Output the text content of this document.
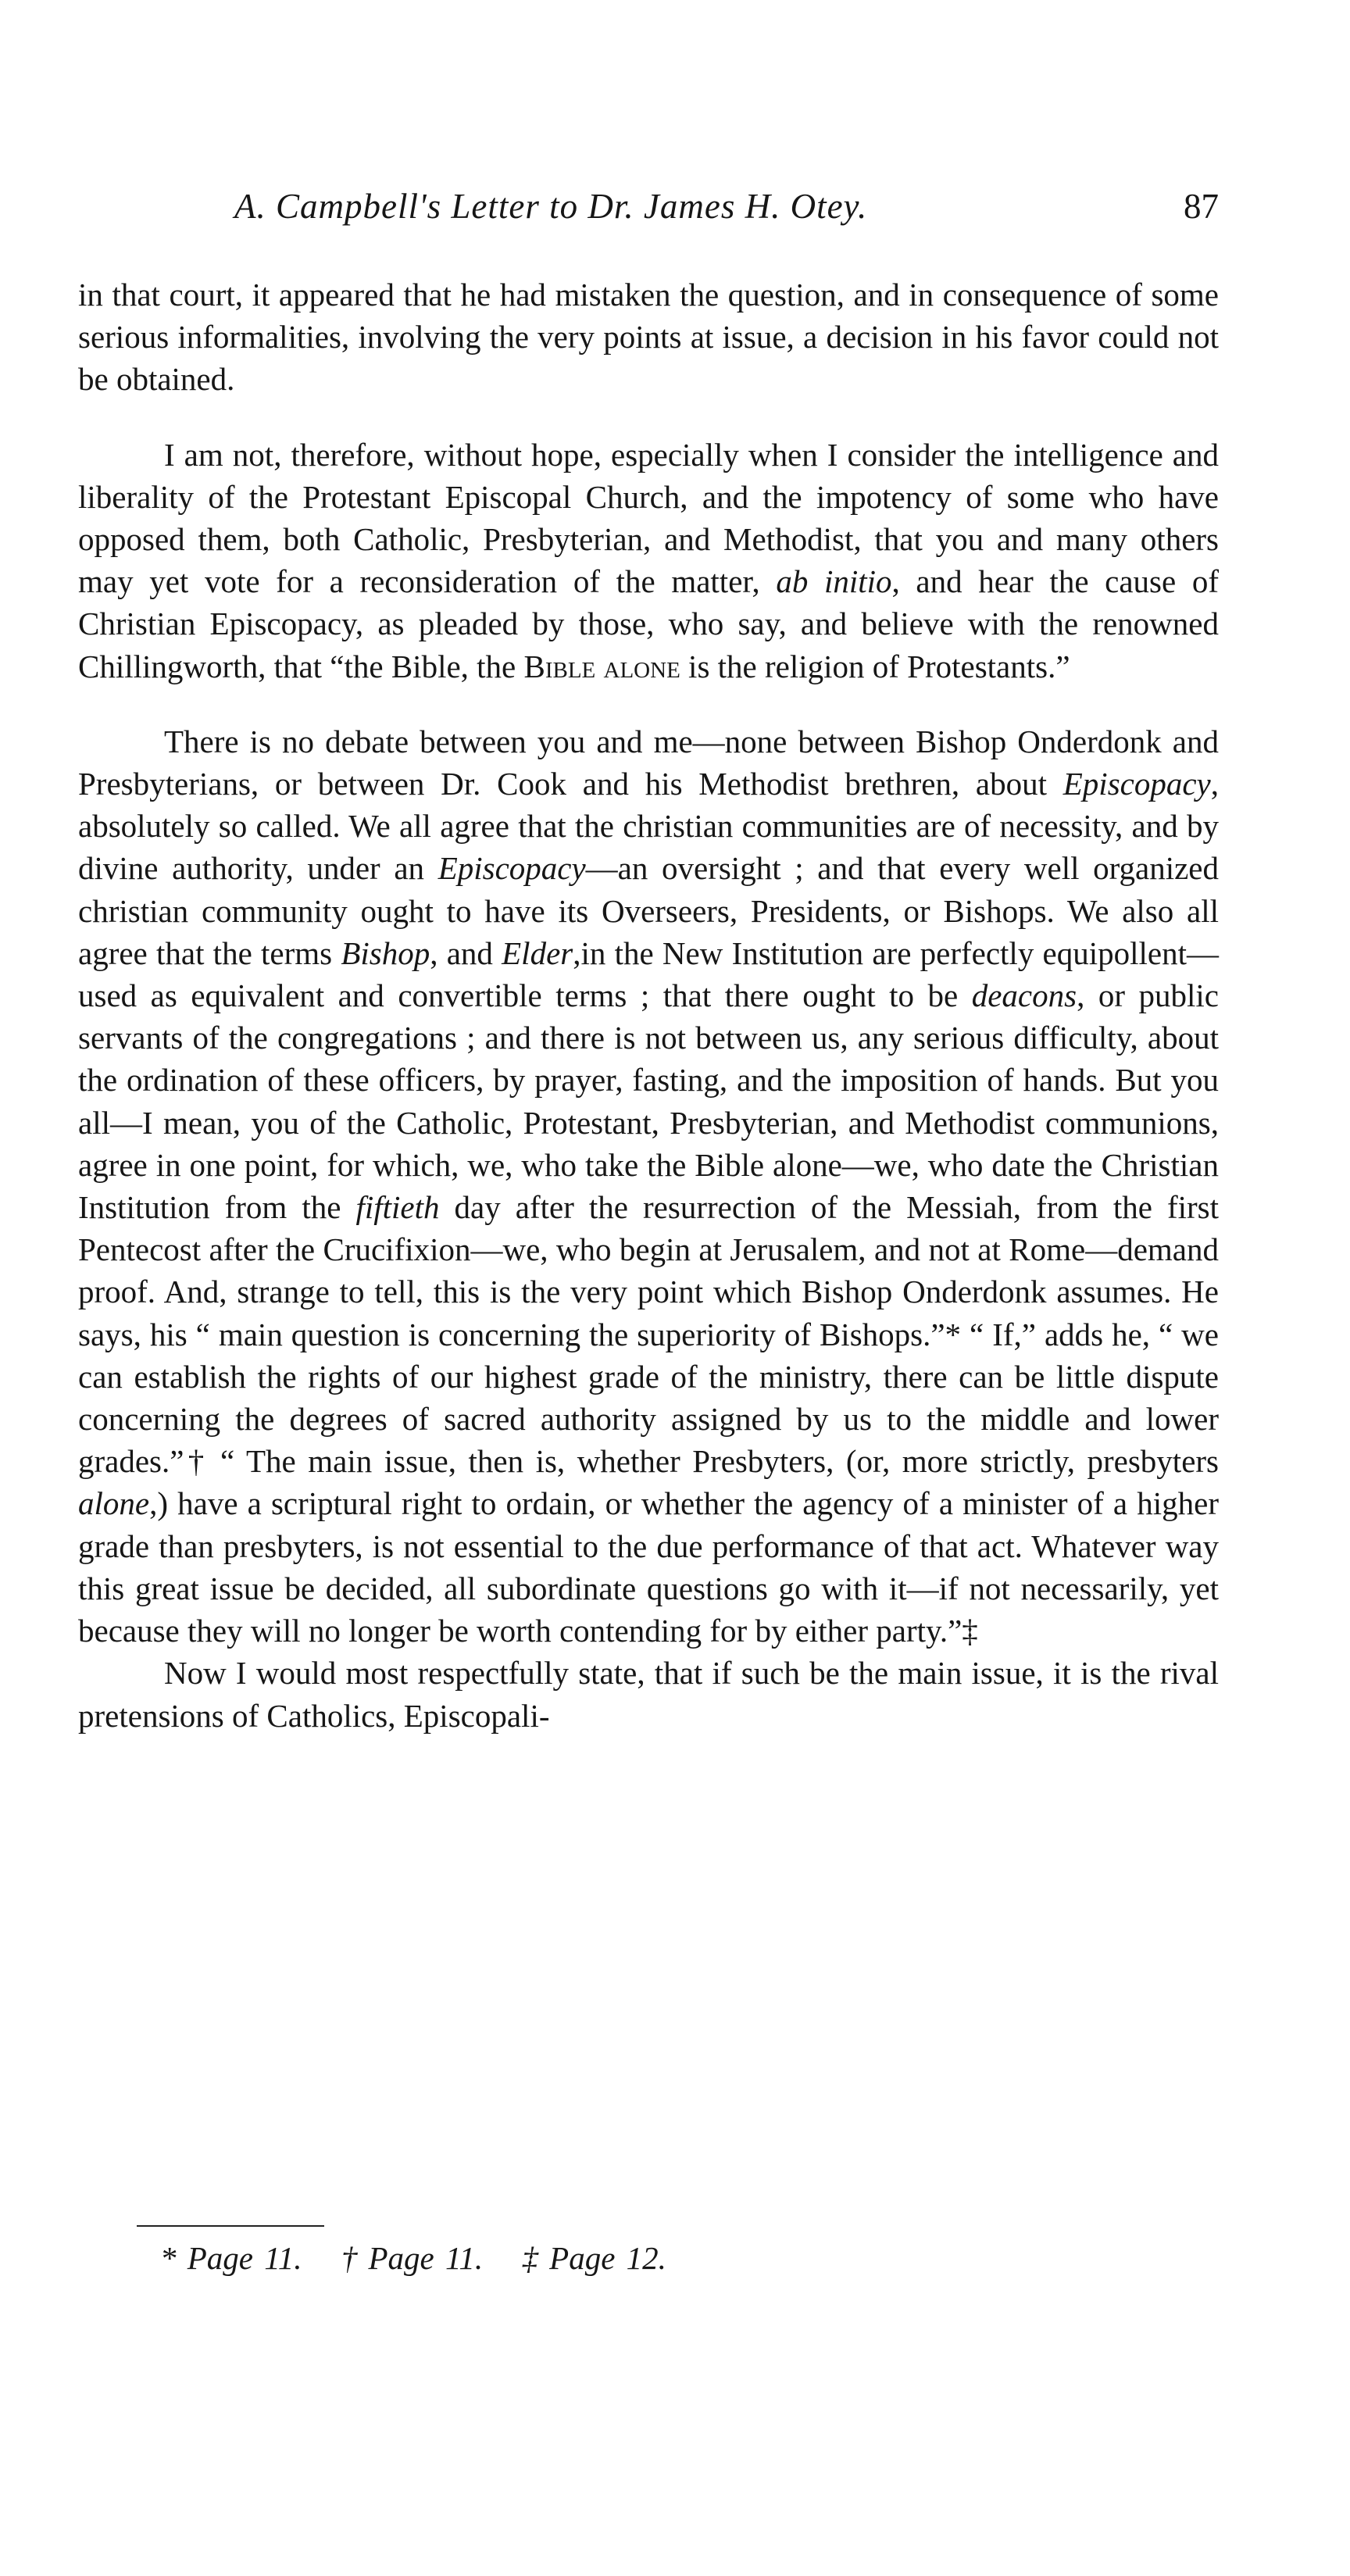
A. Campbell's Letter to Dr. James H. Otey.	87

in that court, it appeared that he had mistaken the question, and in consequence of some serious informalities, involving the very points at issue, a decision in his favor could not be obtained.

I am not, therefore, without hope, especially when I consider the intelligence and liberality of the Protestant Episcopal Church, and the impotency of some who have opposed them, both Catholic, Presbyterian, and Methodist, that you and many others may yet vote for a reconsideration of the matter, ab initio, and hear the cause of Christian Episcopacy, as pleaded by those, who say, and believe with the renowned Chillingworth, that “the Bible, the Bible alone is the religion of Protestants.”

There is no debate between you and me—none between Bishop Onderdonk and Presbyterians, or between Dr. Cook and his Methodist brethren, about Episcopacy, absolutely so called. We all agree that the christian communities are of necessity, and by divine authority, under an Episcopacy—an oversight ; and that every well organized christian community ought to have its Overseers, Presidents, or Bishops. We also all agree that the terms Bishop, and Elder,in the New Institution are perfectly equipollent—used as equivalent and convertible terms ; that there ought to be deacons, or public servants of the congregations ; and there is not between us, any serious difficulty, about the ordination of these officers, by prayer, fasting, and the imposition of hands. But you all—I mean, you of the Catholic, Protestant, Presbyterian, and Methodist communions, agree in one point, for which, we, who take the Bible alone—we, who date the Christian Institution from the fiftieth day after the resurrection of the Messiah, from the first Pentecost after the Crucifixion—we, who begin at Jerusalem, and not at Rome—demand proof. And, strange to tell, this is the very point which Bishop Onderdonk assumes. He says, his “ main question is concerning the superiority of Bishops.”* “ If,” adds he, “ we can establish the rights of our highest grade of the ministry, there can be little dispute concerning the degrees of sacred authority assigned by us to the middle and lower grades.”† “ The main issue, then is, whether Presbyters, (or, more strictly, presbyters alone,) have a scriptural right to ordain, or whether the agency of a minister of a higher grade than presbyters, is not essential to the due performance of that act. Whatever way this great issue be decided, all subordinate questions go with it—if not necessarily, yet because they will no longer be worth contending for by either party.”‡

Now I would most respectfully state, that if such be the main issue, it is the rival pretensions of Catholics, Episcopali-

* Page 11. † Page 11. ‡ Page 12.
